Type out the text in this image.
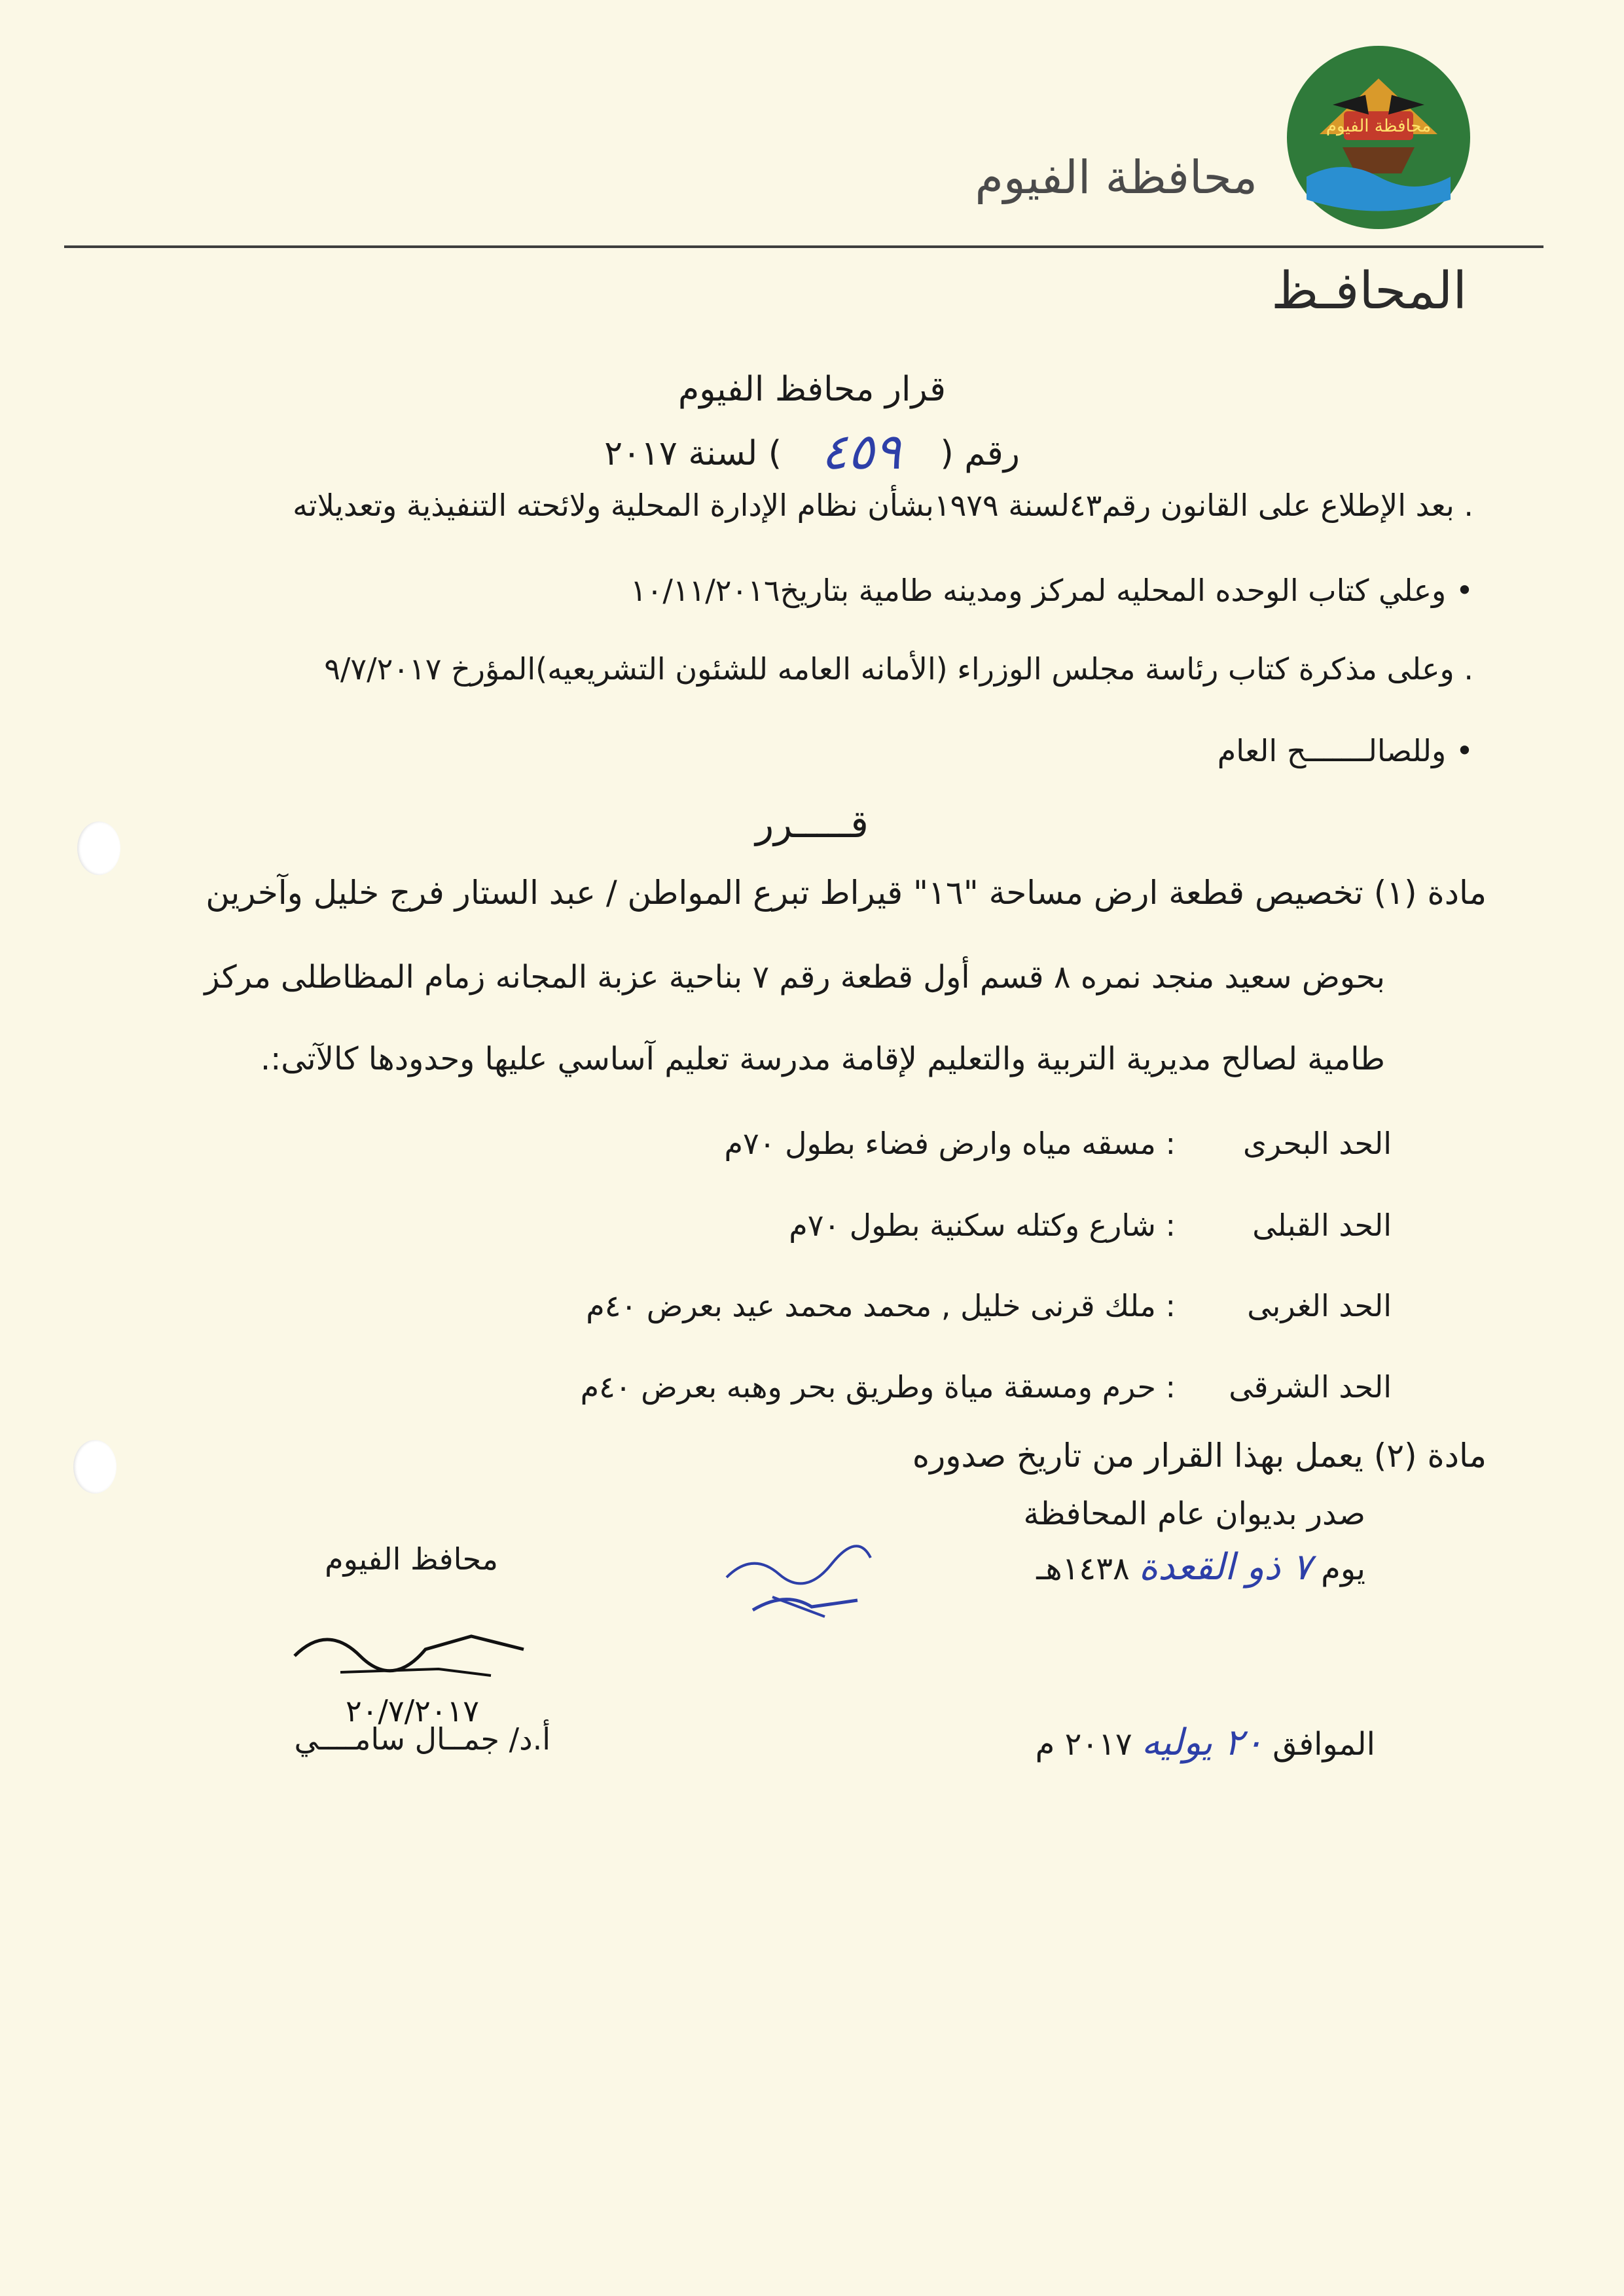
محافظة الفيوم
محافظة الفيوم
المحافـظ
قرار محافظ الفيوم
رقم (٤٥٩) لسنة ٢٠١٧
. بعد الإطلاع على القانون رقم٤٣لسنة ١٩٧٩بشأن نظام الإدارة المحلية ولائحته التنفيذية وتعديلاته
• وعلي كتاب الوحده المحليه لمركز ومدينه طامية بتاريخ١٠/١١/٢٠١٦
. وعلى مذكرة كتاب رئاسة مجلس الوزراء (الأمانه العامه للشئون التشريعيه)المؤرخ ٩/٧/٢٠١٧
• وللصالـــــــح العام
قـــــرر
مادة (١) تخصيص قطعة ارض مساحة "١٦" قيراط تبرع المواطن / عبد الستار فرج خليل وآخرين
بحوض سعيد منجد نمره ٨ قسم أول قطعة رقم ٧ بناحية عزبة المجانه زمام المظاطلى مركز
طامية لصالح مديرية التربية والتعليم لإقامة مدرسة تعليم آساسي عليها وحدودها كالآتى:.
الحد البحرى
: مسقه مياه وارض فضاء بطول ٧٠م
الحد القبلى
: شارع وكتله سكنية بطول ٧٠م
الحد الغربى
: ملك قرنى خليل , محمد محمد عيد بعرض ٤٠م
الحد الشرقى
: حرم ومسقة مياة وطريق بحر وهبه بعرض ٤٠م
مادة (٢) يعمل بهذا القرار من تاريخ صدوره
صدر بديوان عام المحافظة
يوم٧ ذو القعدة١٤٣٨هـ
الموافق٢٠ يوليه٢٠١٧ م
محافظ الفيوم
٢٠/٧/٢٠١٧
أ.د/ جمــال سامــــي
